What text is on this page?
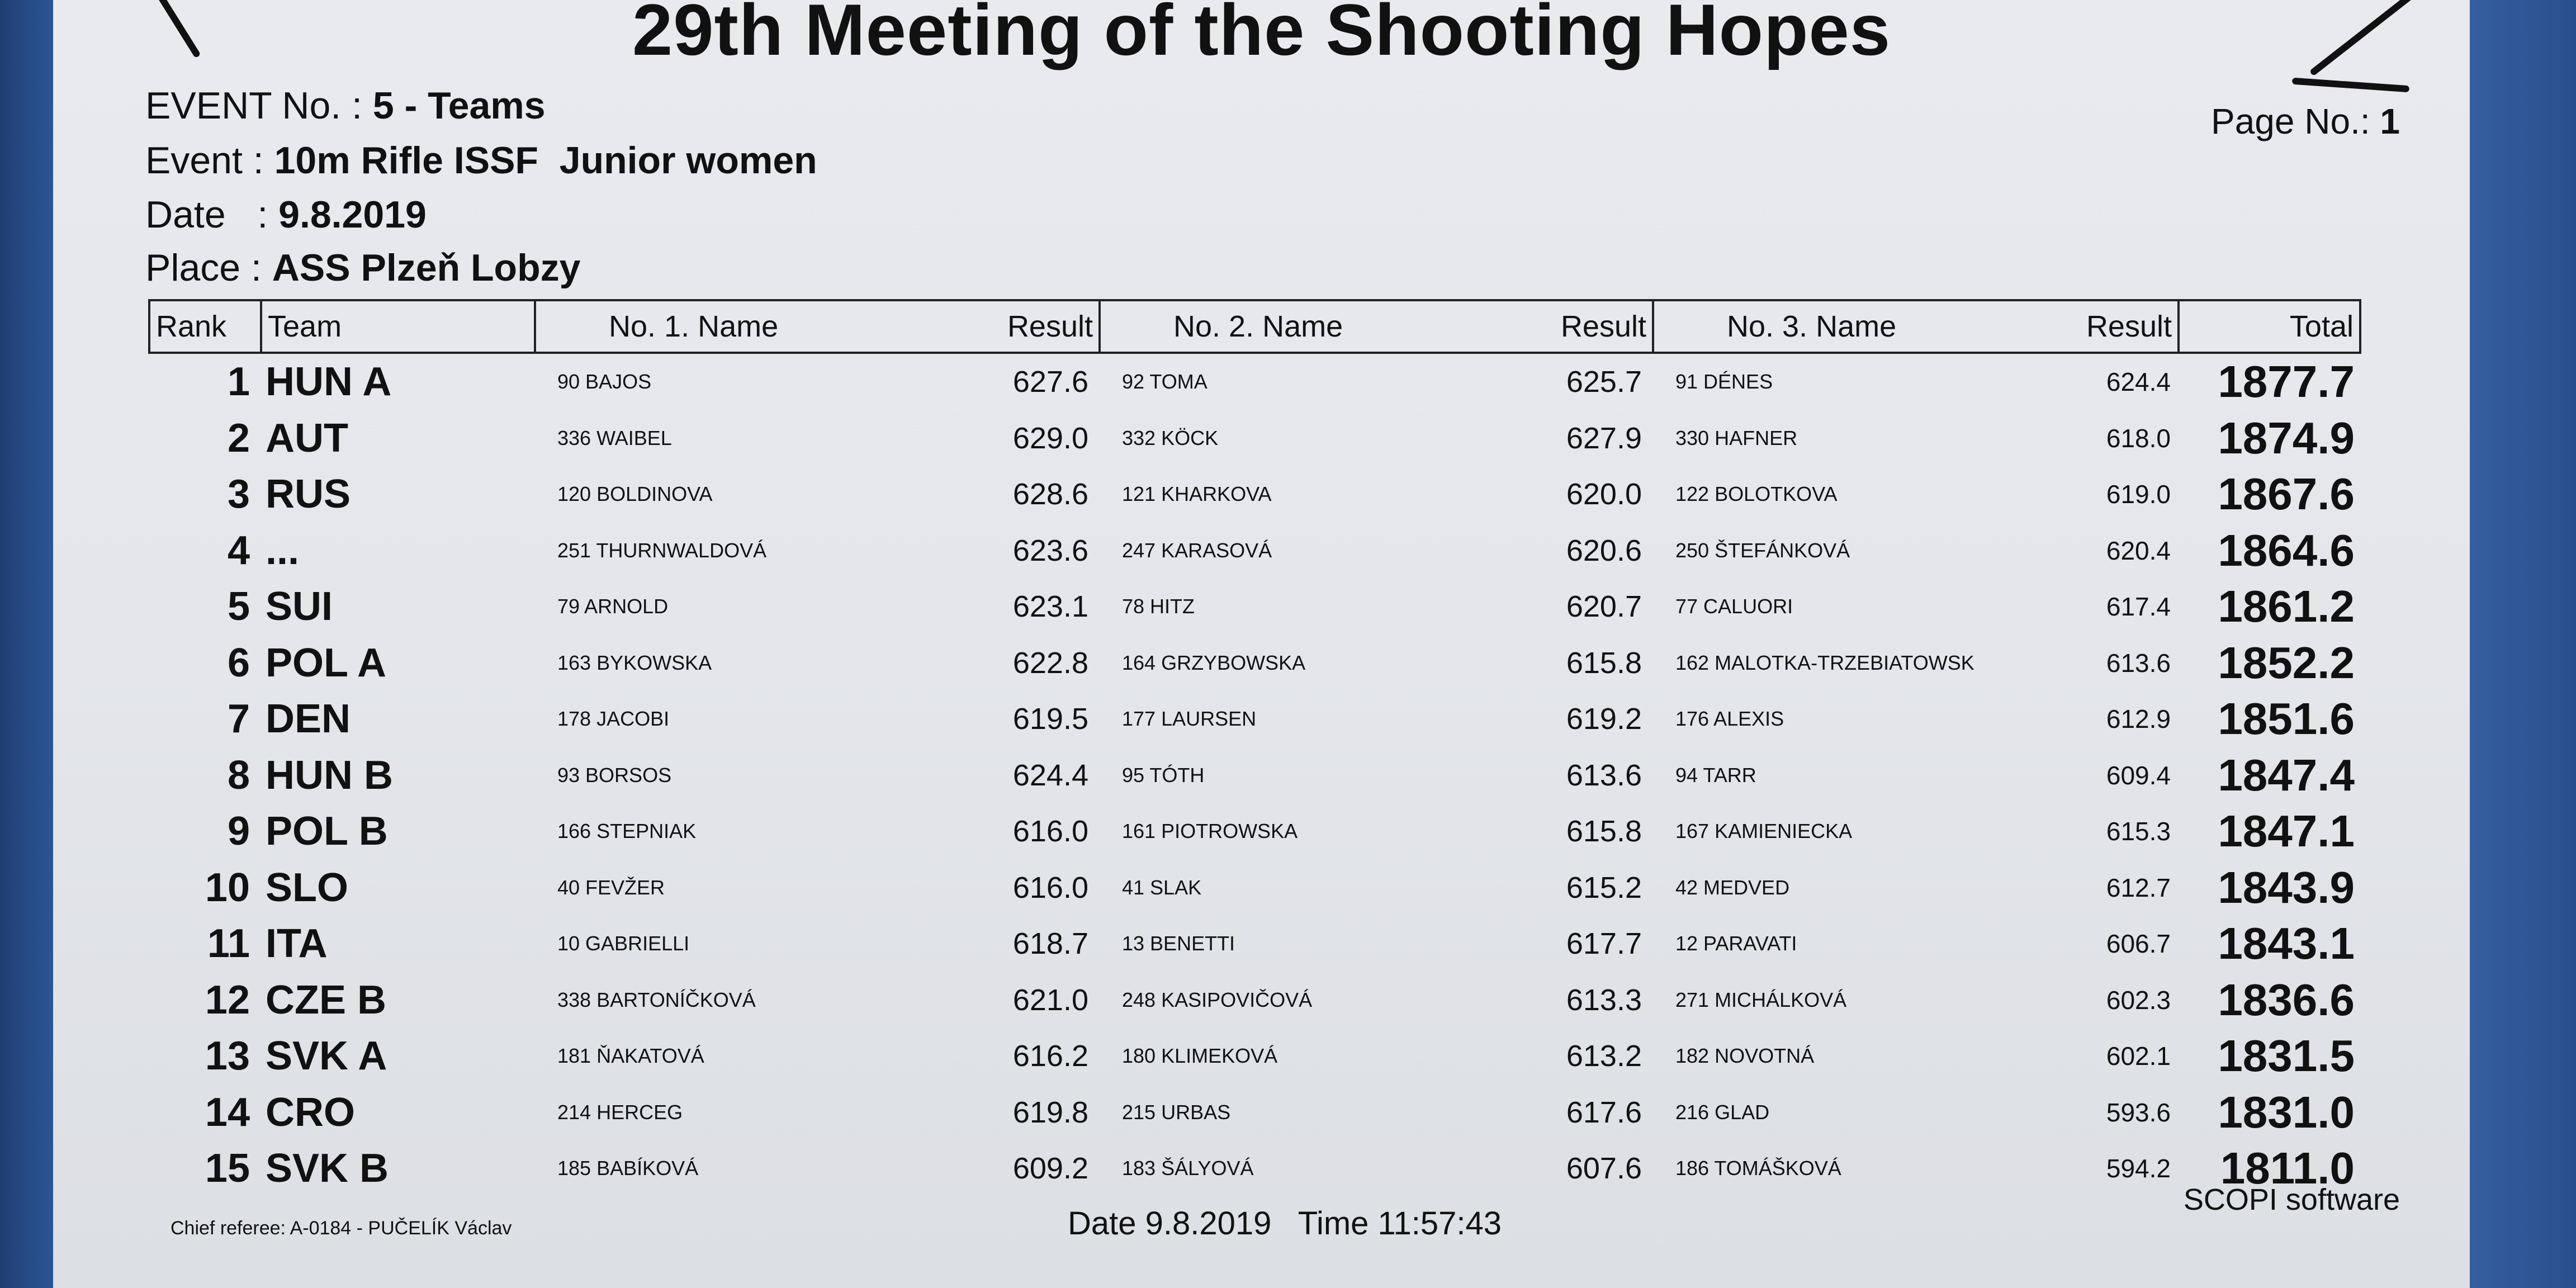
29th Meeting of the Shooting Hopes
EVENT No. : 5 - Teams
Event : 10m Rifle ISSF  Junior women
Date   : 9.8.2019
Place : ASS Plzeň Lobzy
Page No.: 1
Rank	Team	No. 1. Name Result		No. 2. Name Result		No. 3. Name Result		Total
1	HUN A	90 BAJOS	627.6	92 TOMA	625.7	91 DÉNES	624.4	1877.7
2	AUT	336 WAIBEL	629.0	332 KÖCK	627.9	330 HAFNER	618.0	1874.9
3	RUS	120 BOLDINOVA	628.6	121 KHARKOVA	620.0	122 BOLOTKOVA	619.0	1867.6
4	...	251 THURNWALDOVÁ	623.6	247 KARASOVÁ	620.6	250 ŠTEFÁNKOVÁ	620.4	1864.6
5	SUI	79 ARNOLD	623.1	78 HITZ	620.7	77 CALUORI	617.4	1861.2
6	POL A	163 BYKOWSKA	622.8	164 GRZYBOWSKA	615.8	162 MALOTKA-TRZEBIATOWSK	613.6	1852.2
7	DEN	178 JACOBI	619.5	177 LAURSEN	619.2	176 ALEXIS	612.9	1851.6
8	HUN B	93 BORSOS	624.4	95 TÓTH	613.6	94 TARR	609.4	1847.4
9	POL B	166 STEPNIAK	616.0	161 PIOTROWSKA	615.8	167 KAMIENIECKA	615.3	1847.1
10	SLO	40 FEVŽER	616.0	41 SLAK	615.2	42 MEDVED	612.7	1843.9
11	ITA	10 GABRIELLI	618.7	13 BENETTI	617.7	12 PARAVATI	606.7	1843.1
12	CZE B	338 BARTONÍČKOVÁ	621.0	248 KASIPOVIČOVÁ	613.3	271 MICHÁLKOVÁ	602.3	1836.6
13	SVK A	181 ŇAKATOVÁ	616.2	180 KLIMEKOVÁ	613.2	182 NOVOTNÁ	602.1	1831.5
14	CRO	214 HERCEG	619.8	215 URBAS	617.6	216 GLAD	593.6	1831.0
15	SVK B	185 BABÍKOVÁ	609.2	183 ŠÁLYOVÁ	607.6	186 TOMÁŠKOVÁ	594.2	1811.0
Chief referee: A-0184 - PUČELÍK Václav	Date 9.8.2019   Time 11:57:43
SCOPI software
